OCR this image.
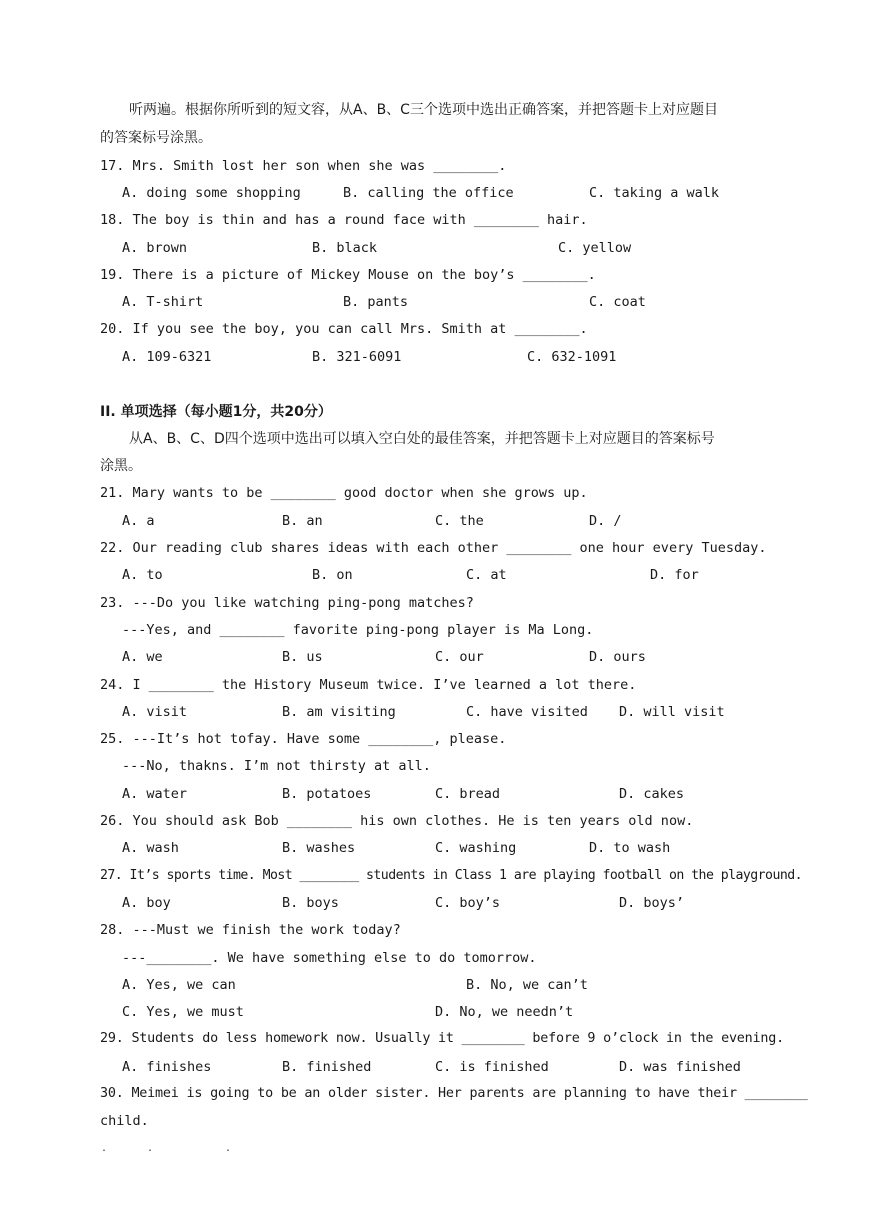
听两遍。根据你所听到的短文容，从A、B、C三个选项中选出正确答案，并把答题卡上对应题目
的答案标号涂黑。
17. Mrs. Smith lost her son when she was ________.
A. doing some shopping	B. calling the office	C. taking a walk
18. The boy is thin and has a round face with ________ hair.
A. brown	B. black	C. yellow
19. There is a picture of Mickey Mouse on the boy’s ________.
A. T-shirt	B. pants	C. coat
20. If you see the boy, you can call Mrs. Smith at ________.
A. 109-6321	B. 321-6091	C. 632-1091
II. 单项选择（每小题1分，共20分）
从A、B、C、D四个选项中选出可以填入空白处的最佳答案，并把答题卡上对应题目的答案标号
涂黑。
21. Mary wants to be ________ good doctor when she grows up.
A. a	B. an	C. the	D. /
22. Our reading club shares ideas with each other ________ one hour every Tuesday.
A. to	B. on	C. at	D. for
23. ---Do you like watching ping-pong matches?
---Yes, and ________ favorite ping-pong player is Ma Long.
A. we	B. us	C. our	D. ours
24. I ________ the History Museum twice. I’ve learned a lot there.
A. visit	B. am visiting	C. have visited D. will visit
25. ---It’s hot tofay. Have some ________, please.
---No, thakns. I’m not thirsty at all.
A. water	B. potatoes	C. bread	D. cakes
26. You should ask Bob ________ his own clothes. He is ten years old now.
A. wash	B. washes	C. washing	D. to wash
27. It’s sports time. Most ________ students in Class 1 are playing football on the playground.
A. boy	B. boys	C. boy’s	D. boys’
28. ---Must we finish the work today?
---________. We have something else to do tomorrow.
A. Yes, we can	B. No, we can’t
C. Yes, we must	D. No, we needn’t
29. Students do less homework now. Usually it ________ before 9 o’clock in the evening.
A. finishes	B. finished	C. is finished	D. was finished
30. Meimei is going to be an older sister. Her parents are planning to have their ________
child.
.	.	.
